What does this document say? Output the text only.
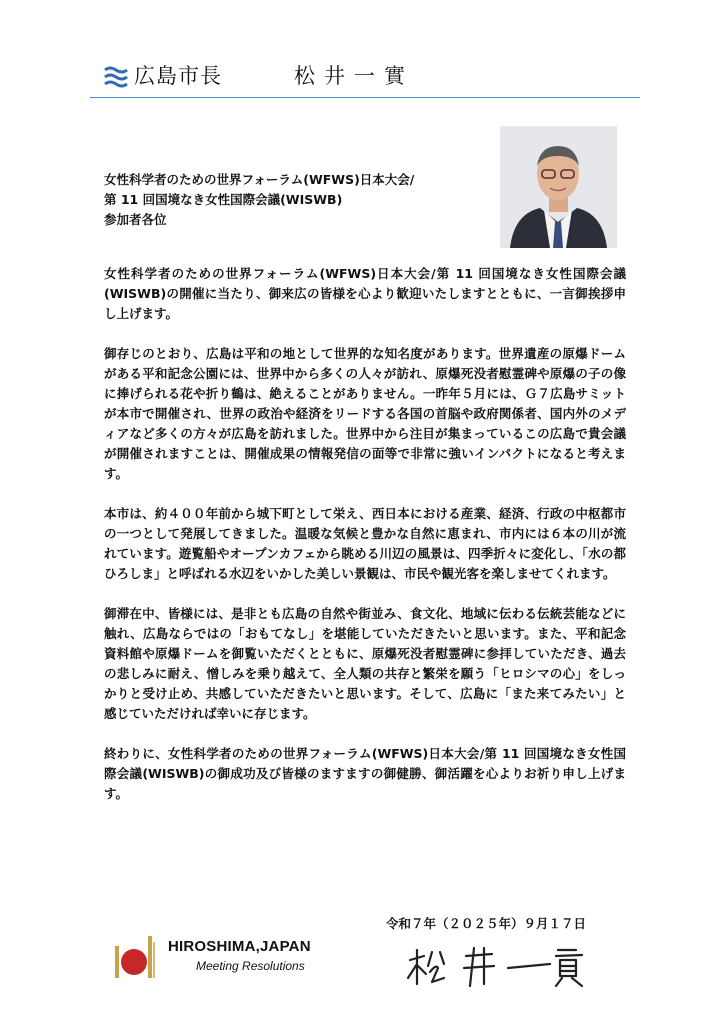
広島市長	松井一實
女性科学者のための世界フォーラム(WFWS)日本大会/
第 11 回国境なき女性国際会議(WISWB)
参加者各位

女性科学者のための世界フォーラム(WFWS)日本大会/第 11 回国境なき女性国際会議(WISWB)の開催に当たり、御来広の皆様を心より歓迎いたしますとともに、一言御挨拶申し上げます。

御存じのとおり、広島は平和の地として世界的な知名度があります。世界遺産の原爆ドームがある平和記念公園には、世界中から多くの人々が訪れ、原爆死没者慰霊碑や原爆の子の像に捧げられる花や折り鶴は、絶えることがありません。一昨年５月には、Ｇ７広島サミットが本市で開催され、世界の政治や経済をリードする各国の首脳や政府関係者、国内外のメディアなど多くの方々が広島を訪れました。世界中から注目が集まっているこの広島で貴会議が開催されますことは、開催成果の情報発信の面等で非常に強いインパクトになると考えます。

本市は、約４００年前から城下町として栄え、西日本における産業、経済、行政の中枢都市の一つとして発展してきました。温暖な気候と豊かな自然に恵まれ、市内には６本の川が流れています。遊覧船やオープンカフェから眺める川辺の風景は、四季折々に変化し、「水の都ひろしま」と呼ばれる水辺をいかした美しい景観は、市民や観光客を楽しませてくれます。

御滞在中、皆様には、是非とも広島の自然や街並み、食文化、地域に伝わる伝統芸能などに触れ、広島ならではの「おもてなし」を堪能していただきたいと思います。また、平和記念資料館や原爆ドームを御覧いただくとともに、原爆死没者慰霊碑に参拝していただき、過去の悲しみに耐え、憎しみを乗り越えて、全人類の共存と繁栄を願う「ヒロシマの心」をしっかりと受け止め、共感していただきたいと思います。そして、広島に「また来てみたい」と感じていただければ幸いに存じます。

終わりに、女性科学者のための世界フォーラム(WFWS)日本大会/第 11 回国境なき女性国際会議(WISWB)の御成功及び皆様のますますの御健勝、御活躍を心よりお祈り申し上げます。

令和７年（２０２５年）９月１７日
HIROSHIMA,JAPAN
Meeting Resolutions
